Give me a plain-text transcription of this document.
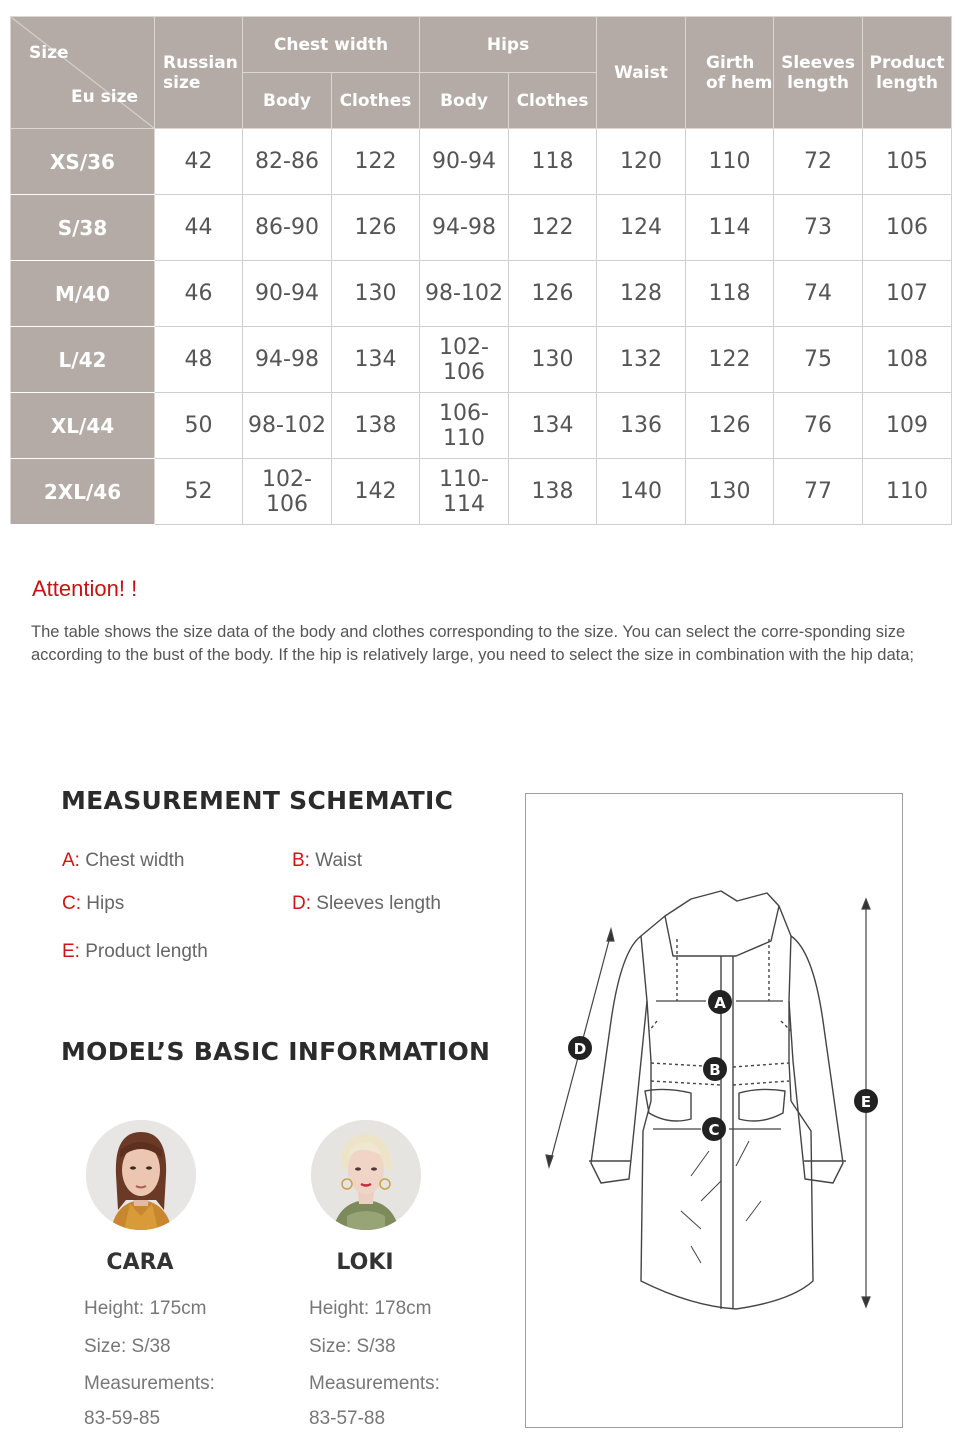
Size
Eu size	Russian size	Chest width		Hips		Waist	Girth of hem	Sleeves length	Product length
		Body	Clothes	Body	Clothes				
XS/36	42	82-86	122	90-94	118	120	110	72	105
S/38	44	86-90	126	94-98	122	124	114	73	106
M/40	46	90-94	130	98-102	126	128	118	74	107
L/42	48	94-98	134	102-106	130	132	122	75	108
XL/44	50	98-102	138	106-110	134	136	126	76	109
2XL/46	52	102-106	142	110-114	138	140	130	77	110
Attention! !
The table shows the size data of the body and clothes corresponding to the size. You can select the corre-sponding size according to the bust of the body. If the hip is relatively large, you need to select the size in combination with the hip data;
MEASUREMENT SCHEMATIC
A: Chest width	B: Waist
C: Hips	D: Sleeves length
E: Product length
MODEL’S BASIC INFORMATION
CARA
Height: 175cm
Size: S/38
Measurements:
83-59-85
LOKI
Height: 178cm
Size: S/38
Measurements:
83-57-88
A
B
C
D
E
